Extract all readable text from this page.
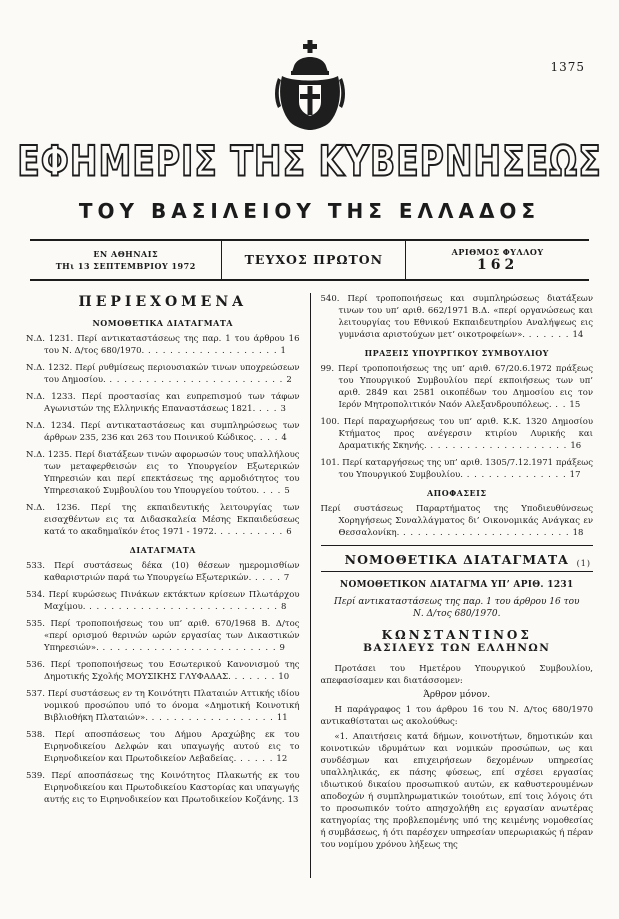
1375
ΕΦΗΜΕΡΙΣ ΤΗΣ ΚΥΒΕΡΝΗΣΕΩΣ
ΤΟΥ ΒΑΣΙΛΕΙΟΥ ΤΗΣ ΕΛΛΑΔΟΣ
ΕΝ ΑΘΗΝΑΙΣ
ΤΗι 13 ΣΕΠΤΕΜΒΡΙΟΥ 1972	ΤΕΥΧΟΣ ΠΡΩΤΟΝ	ΑΡΙΘΜΟΣ ΦΥΛΛΟΥ
162
ΠΕΡΙΕΧΟΜΕΝΑ
ΝΟΜΟΘΕΤΙΚΑ ΔΙΑΤΑΓΜΑΤΑ
Ν.Δ. 1231. Περί αντικαταστάσεως της παρ. 1 του άρθρου 16 του Ν. Δ/τος 680/1970. . . . . . . . . . . . . . . . . . . 1
Ν.Δ. 1232. Περί ρυθμίσεως περιουσιακών τινων υποχρεώσεων του Δημοσίου. . . . . . . . . . . . . . . . . . . . . . . . . 2
Ν.Δ. 1233. Περί προστασίας και ευπρεπισμού των τάφων Αγωνιστών της Ελληνικής Επαναστάσεως 1821. . . . 3
Ν.Δ. 1234. Περί αντικαταστάσεως και συμπληρώσεως των άρθρων 235, 236 και 263 του Ποινικού Κώδικος. . . . 4
Ν.Δ. 1235. Περί διατάξεων τινών αφορωσών τους υπαλλήλους των μεταφερθεισών εις το Υπουργείον Εξωτερικών Υπηρεσιών και περί επεκτάσεως της αρμοδιότητος του Υπηρεσιακού Συμβουλίου του Υπουργείου τούτου. . . . 5
Ν.Δ. 1236. Περί της εκπαιδευτικής λειτουργίας των εισαχθέντων εις τα Διδασκαλεία Μέσης Εκπαιδεύσεως κατά το ακαδημαϊκόν έτος 1971 - 1972. . . . . . . . . . 6
ΔΙΑΤΑΓΜΑΤΑ
533. Περί συστάσεως δέκα (10) θέσεων ημερομισθίων καθαριστριών παρά τω Υπουργείω Εξωτερικών. . . . . 7
534. Περί κυρώσεως Πινάκων εκτάκτων κρίσεων Πλωτάρχου Μαχίμου. . . . . . . . . . . . . . . . . . . . . . . . . . . 8
535. Περί τροποποιήσεως του υπ’ αριθ. 670/1968 Β. Δ/τος «περί ορισμού θερινών ωρών εργασίας των Δικαστικών Υπηρεσιών». . . . . . . . . . . . . . . . . . . . . . . . . 9
536. Περί τροποποιήσεως του Εσωτερικού Κανονισμού της Δημοτικής Σχολής ΜΟΥΣΙΚΗΣ ΓΛΥΦΑΔΑΣ. . . . . . . 10
537. Περί συστάσεως εν τη Κοινότητι Πλαταιών Αττικής ιδίου νομικού προσώπου υπό το όνομα «Δημοτική Κοινοτική Βιβλιοθήκη Πλαταιών». . . . . . . . . . . . . . . . . . 11
538. Περί αποσπάσεως του Δήμου Αραχώβης εκ του Ειρηνοδικείου Δελφών και υπαγωγής αυτού εις το Ειρηνοδικείον και Πρωτοδικείον Λεβαδείας. . . . . . 12
539. Περί αποσπάσεως της Κοινότητος Πλακωτής εκ του Ειρηνοδικείου και Πρωτοδικείου Καστορίας και υπαγωγής αυτής εις το Ειρηνοδικείον και Πρωτοδικείον Κοζάνης. 13
540. Περί τροποποιήσεως και συμπληρώσεως διατάξεων τινων του υπ’ αριθ. 662/1971 Β.Δ. «περί οργανώσεως και λειτουργίας του Εθνικού Εκπαιδευτηρίου Αναλήψεως εις γυμνάσια αριστούχων μετ’ οικοτροφείων». . . . . . . 14
ΠΡΑΞΕΙΣ ΥΠΟΥΡΓΙΚΟΥ ΣΥΜΒΟΥΛΙΟΥ
99. Περί τροποποιήσεως της υπ’ αριθ. 67/20.6.1972 πράξεως του Υπουργικού Συμβουλίου περί εκποιήσεως των υπ’ αριθ. 2849 και 2581 οικοπέδων του Δημοσίου εις τον Ιερόν Μητροπολιτικόν Ναόν Αλεξανδρουπόλεως. . . 15
100. Περί παραχωρήσεως του υπ’ αριθ. Κ.Κ. 1320 Δημοσίου Κτήματος προς ανέγερσιν κτιρίου Λυρικής και Δραματικής Σκηνής. . . . . . . . . . . . . . . . . . . . 16
101. Περί καταργήσεως της υπ’ αριθ. 1305/7.12.1971 πράξεως του Υπουργικού Συμβουλίου. . . . . . . . . . . . . . . 17
ΑΠΟΦΑΣΕΙΣ
Περί συστάσεως Παραρτήματος της Υποδιευθύνσεως Χορηγήσεως Συναλλάγματος δι’ Οικονομικάς Ανάγκας εν Θεσσαλονίκη. . . . . . . . . . . . . . . . . . . . . . . . 18
ΝΟΜΟΘΕΤΙΚΑ ΔΙΑΤΑΓΜΑΤΑ (1)
ΝΟΜΟΘΕΤΙΚΟΝ ΔΙΑΤΑΓΜΑ ΥΠ’ ΑΡΙΘ. 1231
Περί αντικαταστάσεως της παρ. 1 του άρθρου 16 του Ν. Δ/τος 680/1970.
ΚΩΝΣΤΑΝΤΙΝΟΣ
ΒΑΣΙΛΕΥΣ ΤΩΝ ΕΛΛΗΝΩΝ
Προτάσει του Ημετέρου Υπουργικού Συμβουλίου, απεφασίσαμεν και διατάσσομεν:
Άρθρον μόνον.
Η παράγραφος 1 του άρθρου 16 του Ν. Δ/τος 680/1970 αντικαθίσταται ως ακολούθως:
«1. Απαιτήσεις κατά δήμων, κοινοτήτων, δημοτικών και κοινοτικών ιδρυμάτων και νομικών προσώπων, ως και συνδέσμων και επιχειρήσεων δεχομένων υπηρεσίας υπαλληλικάς, εκ πάσης φύσεως, επί σχέσει εργασίας ιδιωτικού δικαίου προσωπικού αυτών, εκ καθυστερουμένων αποδοχών ή συμπληρωματικών τοιούτων, επί τοις λόγοις ότι το προσωπικόν τούτο απησχολήθη εις εργασίαν ανωτέρας κατηγορίας της προβλεπομένης υπό της κειμένης νομοθεσίας ή συμβάσεως, ή ότι παρέσχεν υπηρεσίαν υπερωριακώς ή πέραν του νομίμου χρόνου λήξεως της
